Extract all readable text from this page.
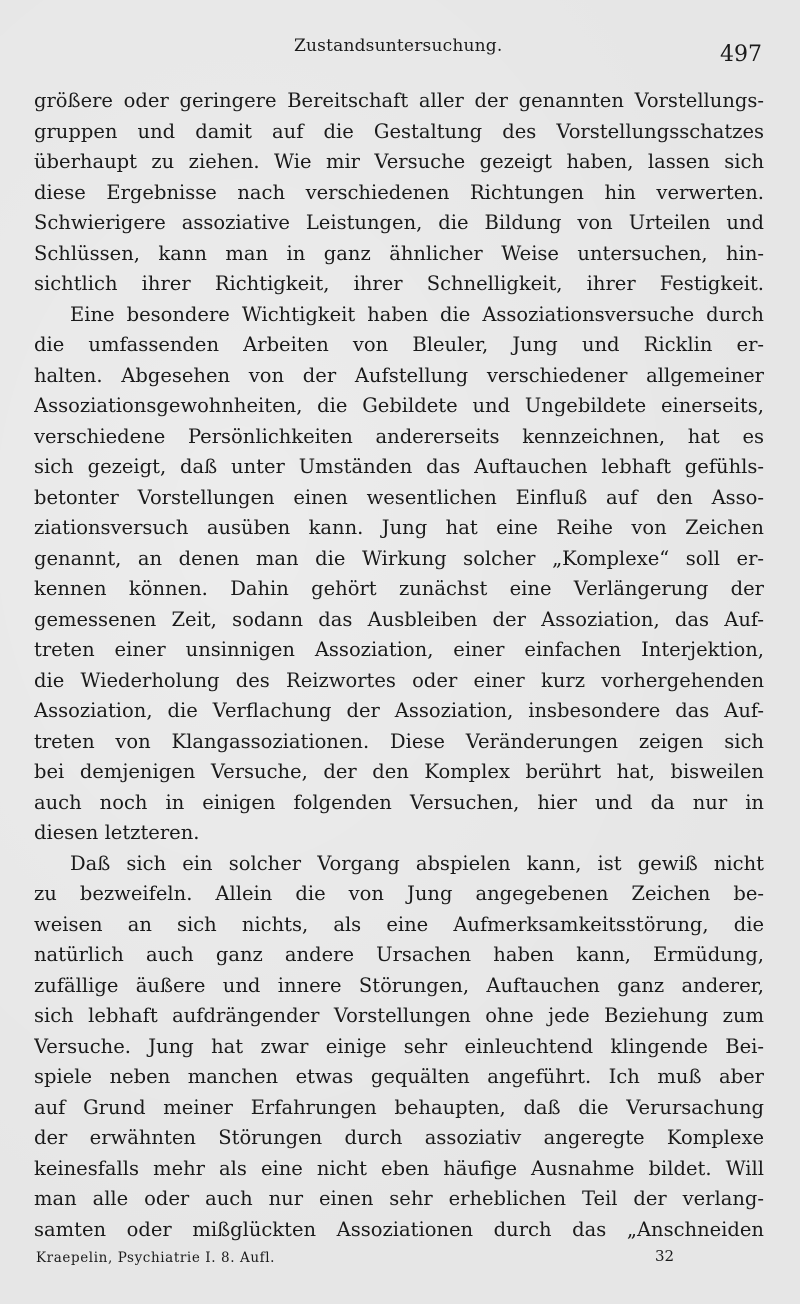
Zustandsuntersuchung.	497
größere oder geringere Bereitschaft aller der genannten Vorstellungs-
gruppen und damit auf die Gestaltung des Vorstellungsschatzes
überhaupt zu ziehen. Wie mir Versuche gezeigt haben, lassen sich
diese Ergebnisse nach verschiedenen Richtungen hin verwerten.
Schwierigere assoziative Leistungen, die Bildung von Urteilen und
Schlüssen, kann man in ganz ähnlicher Weise untersuchen, hin-
sichtlich ihrer Richtigkeit, ihrer Schnelligkeit, ihrer Festigkeit.
Eine besondere Wichtigkeit haben die Assoziationsversuche durch
die umfassenden Arbeiten von Bleuler, Jung und Ricklin er-
halten. Abgesehen von der Aufstellung verschiedener allgemeiner
Assoziationsgewohnheiten, die Gebildete und Ungebildete einerseits,
verschiedene Persönlichkeiten andererseits kennzeichnen, hat es
sich gezeigt, daß unter Umständen das Auftauchen lebhaft gefühls-
betonter Vorstellungen einen wesentlichen Einfluß auf den Asso-
ziationsversuch ausüben kann. Jung hat eine Reihe von Zeichen
genannt, an denen man die Wirkung solcher „Komplexe“ soll er-
kennen können. Dahin gehört zunächst eine Verlängerung der
gemessenen Zeit, sodann das Ausbleiben der Assoziation, das Auf-
treten einer unsinnigen Assoziation, einer einfachen Interjektion,
die Wiederholung des Reizwortes oder einer kurz vorhergehenden
Assoziation, die Verflachung der Assoziation, insbesondere das Auf-
treten von Klangassoziationen. Diese Veränderungen zeigen sich
bei demjenigen Versuche, der den Komplex berührt hat, bisweilen
auch noch in einigen folgenden Versuchen, hier und da nur in
diesen letzteren.
Daß sich ein solcher Vorgang abspielen kann, ist gewiß nicht
zu bezweifeln. Allein die von Jung angegebenen Zeichen be-
weisen an sich nichts, als eine Aufmerksamkeitsstörung, die
natürlich auch ganz andere Ursachen haben kann, Ermüdung,
zufällige äußere und innere Störungen, Auftauchen ganz anderer,
sich lebhaft aufdrängender Vorstellungen ohne jede Beziehung zum
Versuche. Jung hat zwar einige sehr einleuchtend klingende Bei-
spiele neben manchen etwas gequälten angeführt. Ich muß aber
auf Grund meiner Erfahrungen behaupten, daß die Verursachung
der erwähnten Störungen durch assoziativ angeregte Komplexe
keinesfalls mehr als eine nicht eben häufige Ausnahme bildet. Will
man alle oder auch nur einen sehr erheblichen Teil der verlang-
samten oder mißglückten Assoziationen durch das „Anschneiden
Kraepelin, Psychiatrie I. 8. Aufl.	32
